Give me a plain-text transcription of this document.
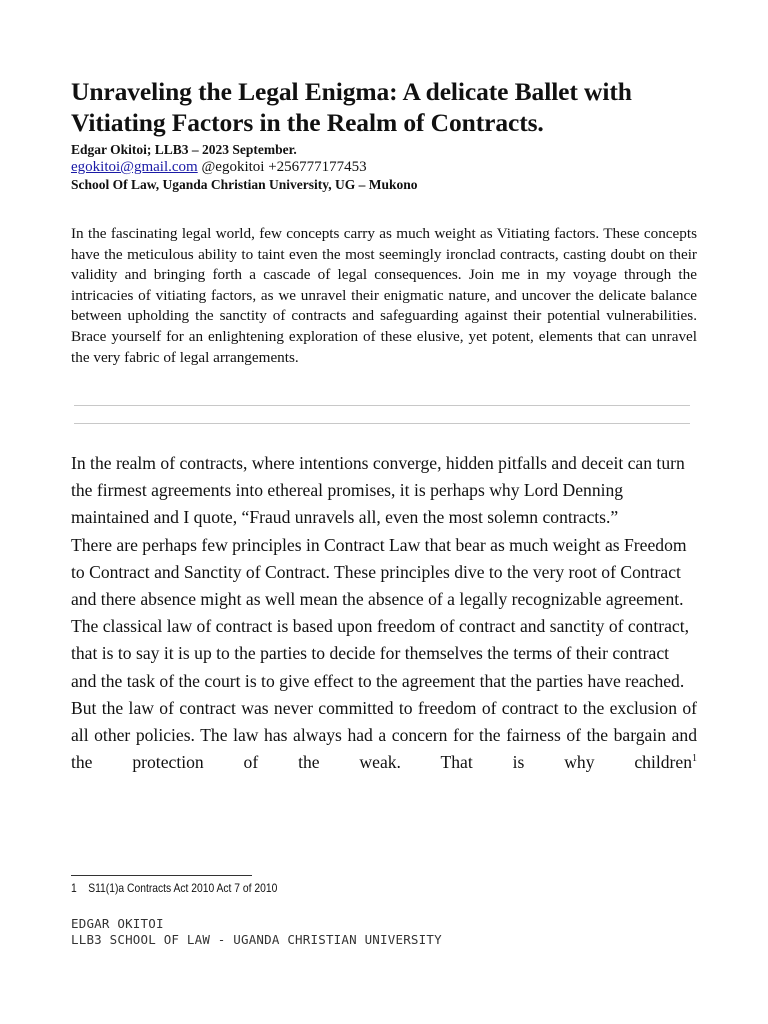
Unraveling the Legal Enigma: A delicate Ballet with Vitiating Factors in the Realm of Contracts.
Edgar Okitoi; LLB3 – 2023 September.
egokitoi@gmail.com @egokitoi +256777177453
School Of Law, Uganda Christian University, UG – Mukono
In the fascinating legal world, few concepts carry as much weight as Vitiating factors. These concepts have the meticulous ability to taint even the most seemingly ironclad contracts, casting doubt on their validity and bringing forth a cascade of legal consequences. Join me in my voyage through the intricacies of vitiating factors, as we unravel their enigmatic nature, and uncover the delicate balance between upholding the sanctity of contracts and safeguarding against their potential vulnerabilities. Brace yourself for an enlightening exploration of these elusive, yet potent, elements that can unravel the very fabric of legal arrangements.

In the realm of contracts, where intentions converge, hidden pitfalls and deceit can turn the firmest agreements into ethereal promises, it is perhaps why Lord Denning maintained and I quote, “Fraud unravels all, even the most solemn contracts.”

There are perhaps few principles in Contract Law that bear as much weight as Freedom to Contract and Sanctity of Contract. These principles dive to the very root of Contract and there absence might as well mean the absence of a legally recognizable agreement.

The classical law of contract is based upon freedom of contract and sanctity of contract, that is to say it is up to the parties to decide for themselves the terms of their contract and the task of the court is to give effect to the agreement that the parties have reached.

But the law of contract was never committed to freedom of contract to the exclusion of all other policies. The law has always had a concern for the fairness of the bargain and the protection of the weak. That is why children$^1$

1 S11(1)a Contracts Act 2010 Act 7 of 2010
EDGAR OKITOI
LLB3 SCHOOL OF LAW - UGANDA CHRISTIAN UNIVERSITY
